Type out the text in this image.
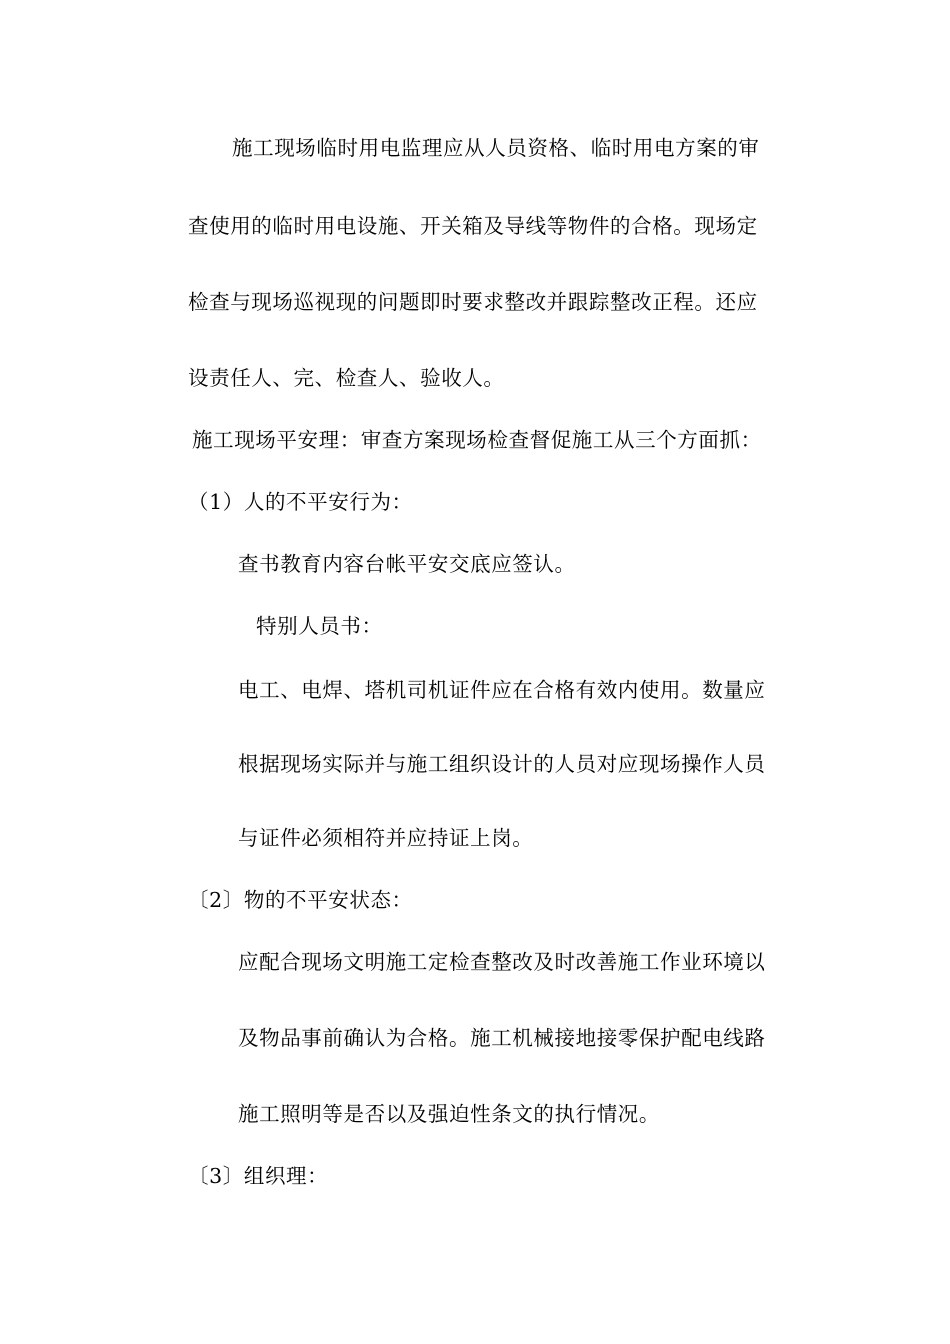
施工现场临时用电监理应从人员资格、临时用电方案的审
查使用的临时用电设施、开关箱及导线等物件的合格。现场定
检查与现场巡视现的问题即时要求整改并跟踪整改正程。还应
设责任人、完、检查人、验收人。
施工现场平安理：审查方案现场检查督促施工从三个方面抓：
（1）人的不平安行为：
查书教育内容台帐平安交底应签认。
特别人员书：
电工、电焊、塔机司机证件应在合格有效内使用。数量应
根据现场实际并与施工组织设计的人员对应现场操作人员
与证件必须相符并应持证上岗。
〔2〕物的不平安状态：
应配合现场文明施工定检查整改及时改善施工作业环境以
及物品事前确认为合格。施工机械接地接零保护配电线路
施工照明等是否以及强迫性条文的执行情况。
〔3〕组织理：
